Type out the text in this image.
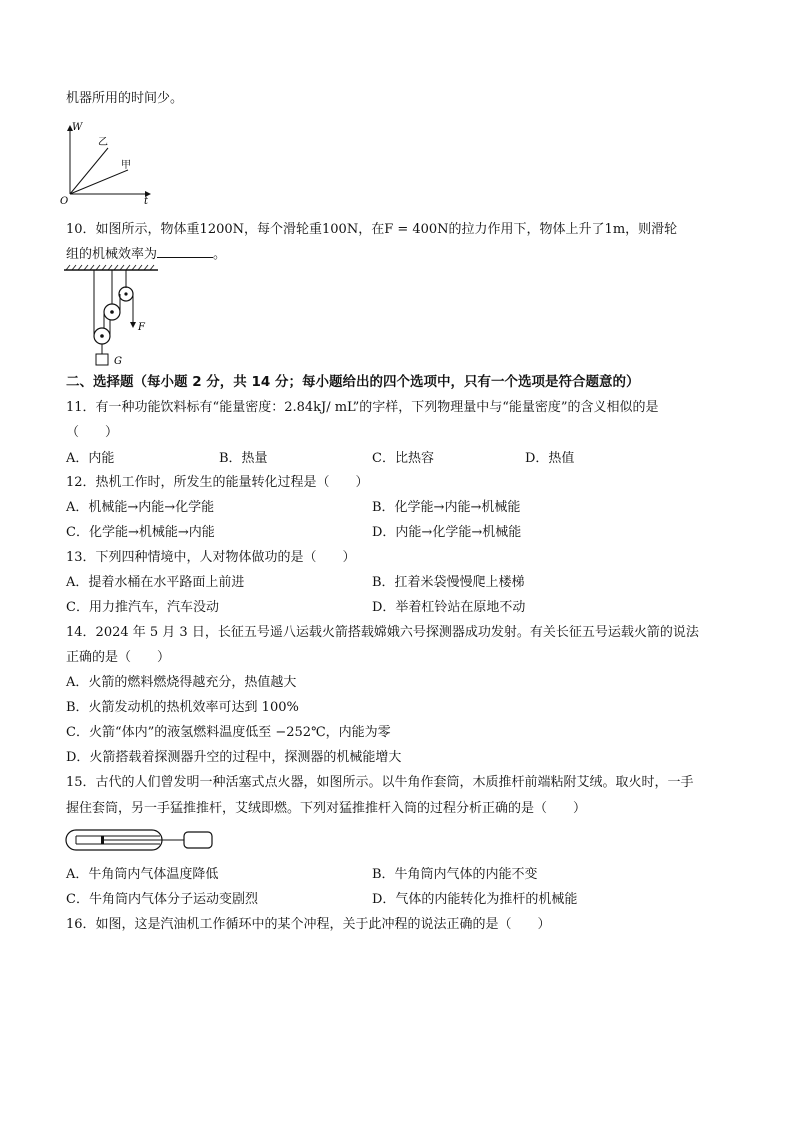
机器所用的时间少。
W
t
O
乙
甲
10．如图所示，物体重1200N，每个滑轮重100N，在F = 400N的拉力作用下，物体上升了1m，则滑轮
组的机械效率为	。
F
G
二、选择题（每小题 2 分，共 14 分；每小题给出的四个选项中，只有一个选项是符合题意的）
11．有一种功能饮料标有“能量密度：2.84kJ/ mL”的字样，下列物理量中与“能量密度”的含义相似的是
（　　）
A．内能	B．热量	C．比热容	D．热值
12．热机工作时，所发生的能量转化过程是（　　）
A．机械能→内能→化学能	B．化学能→内能→机械能
C．化学能→机械能→内能	D．内能→化学能→机械能
13．下列四种情境中，人对物体做功的是（　　）
A．提着水桶在水平路面上前进	B．扛着米袋慢慢爬上楼梯
C．用力推汽车，汽车没动	D．举着杠铃站在原地不动
14．2024 年 5 月 3 日，长征五号遥八运载火箭搭载嫦娥六号探测器成功发射。有关长征五号运载火箭的说法
正确的是（　　）
A．火箭的燃料燃烧得越充分，热值越大
B．火箭发动机的热机效率可达到 100%
C．火箭“体内”的液氢燃料温度低至 −252℃，内能为零
D．火箭搭载着探测器升空的过程中，探测器的机械能增大
15．古代的人们曾发明一种活塞式点火器，如图所示。以牛角作套筒，木质推杆前端粘附艾绒。取火时，一手
握住套筒，另一手猛推推杆，艾绒即燃。下列对猛推推杆入筒的过程分析正确的是（　　）
A．牛角筒内气体温度降低	B．牛角筒内气体的内能不变
C．牛角筒内气体分子运动变剧烈	D．气体的内能转化为推杆的机械能
16．如图，这是汽油机工作循环中的某个冲程，关于此冲程的说法正确的是（　　）
